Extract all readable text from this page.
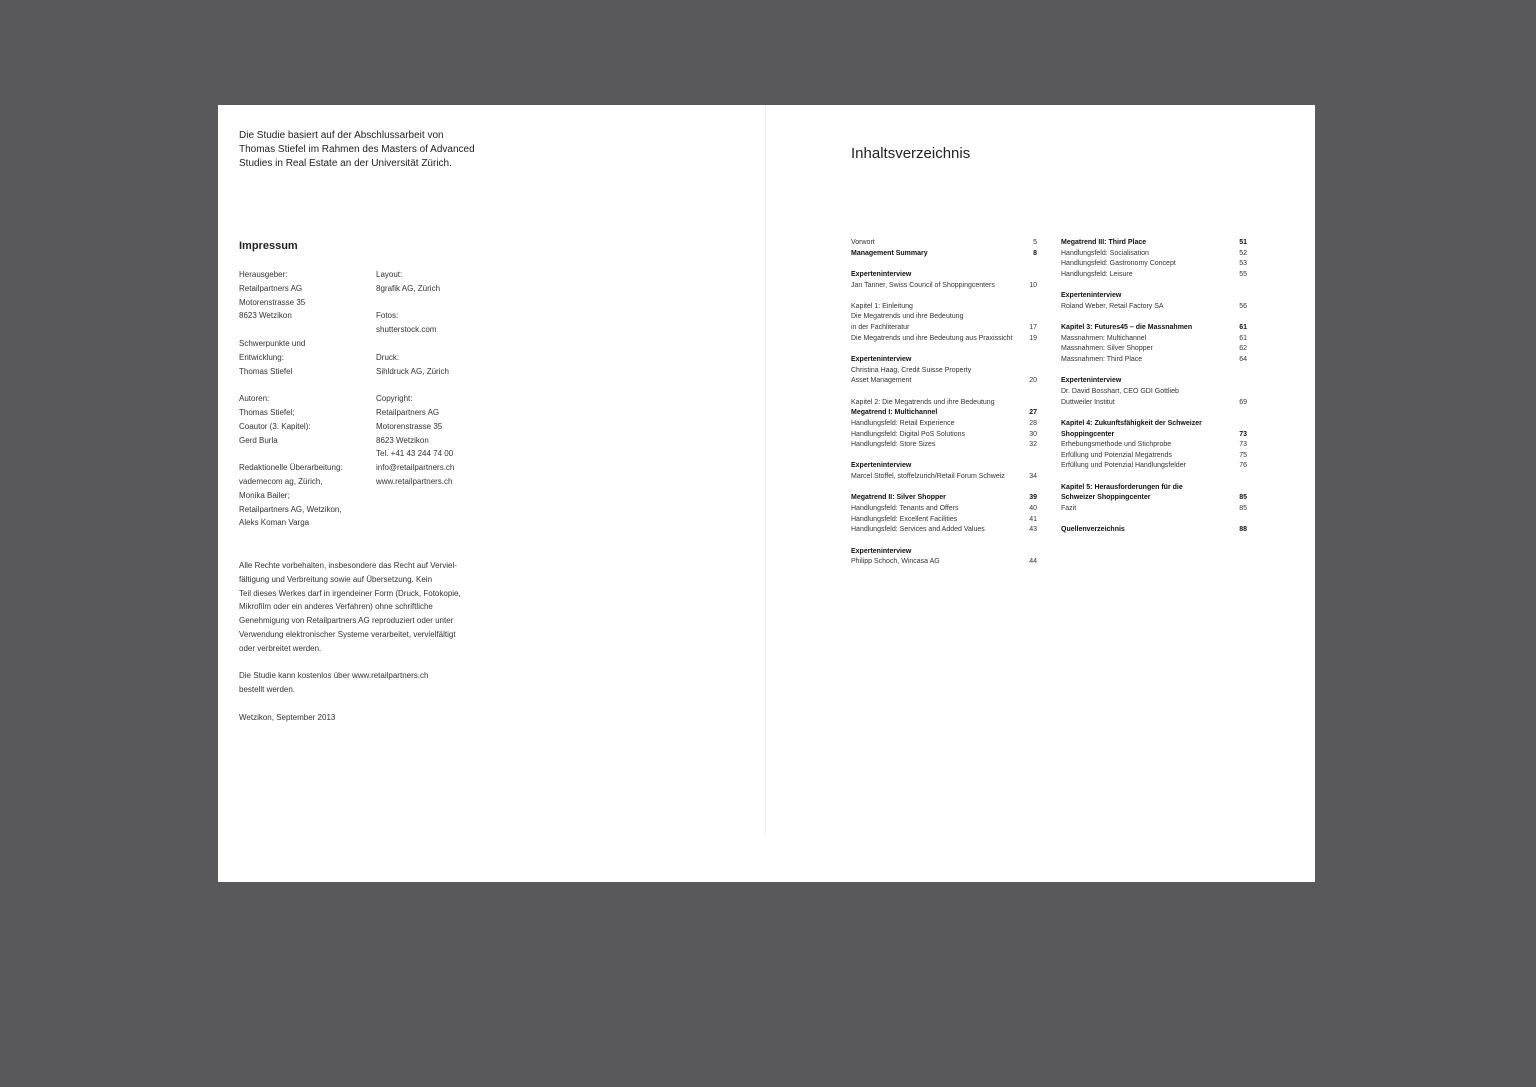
Die Studie basiert auf der Abschlussarbeit von
Thomas Stiefel im Rahmen des Masters of Advanced
Studies in Real Estate an der Universität Zürich.
Impressum
Herausgeber:
Retailpartners AG
Motorenstrasse 35
8623 Wetzikon
Schwerpunkte und
Entwicklung:
Thomas Stiefel
Autoren:
Thomas Stiefel;
Coautor (3. Kapitel):
Gerd Burla
Redaktionelle Überarbeitung:
vademecom ag, Zürich,
Monika Bailer;
Retailpartners AG, Wetzikon,
Aleks Koman Varga
Layout:
8grafik AG, Zürich
Fotos:
shutterstock.com
Druck:
Sihldruck AG, Zürich
Copyright:
Retailpartners AG
Motorenstrasse 35
8623 Wetzikon
Tel. +41 43 244 74 00
info@retailpartners.ch
www.retailpartners.ch
Alle Rechte vorbehalten, insbesondere das Recht auf Verviel-
fältigung und Verbreitung sowie auf Übersetzung. Kein
Teil dieses Werkes darf in irgendeiner Form (Druck, Fotokopie,
Mikrofilm oder ein anderes Verfahren) ohne schriftliche
Genehmigung von Retailpartners AG reproduziert oder unter
Verwendung elektronischer Systeme verarbeitet, vervielfältigt
oder verbreitet werden.
Die Studie kann kostenlos über www.retailpartners.ch
bestellt werden.
Wetzikon, September 2013
Inhaltsverzeichnis
Vorwort	5
Management Summary	8
Experteninterview
Jan Tanner, Swiss Council of Shoppingcenters	10
Kapitel 1: Einleitung
Die Megatrends und ihre Bedeutung
in der Fachliteratur	17
Die Megatrends und ihre Bedeutung aus Praxissicht 19
Experteninterview
Christina Haag, Credit Suisse Property
Asset Management	20
Kapitel 2: Die Megatrends und ihre Bedeutung
Megatrend I: Multichannel	27
Handlungsfeld: Retail Experience	28
Handlungsfeld: Digital PoS Solutions	30
Handlungsfeld: Store Sizes	32
Experteninterview
Marcel Stoffel, stoffelzurich/Retail Forum Schweiz	34
Megatrend II: Silver Shopper	39
Handlungsfeld: Tenants and Offers	40
Handlungsfeld: Excellent Facilities	41
Handlungsfeld: Services and Added Values	43
Experteninterview
Philipp Schoch, Wincasa AG	44
Megatrend III: Third Place	51
Handlungsfeld: Socialisation	52
Handlungsfeld: Gastronomy Concept	53
Handlungsfeld: Leisure	55
Experteninterview
Roland Weber, Retail Factory SA	56
Kapitel 3: Futures45 – die Massnahmen	61
Massnahmen: Multichannel	61
Massnahmen: Silver Shopper	62
Massnahmen: Third Place	64
Experteninterview
Dr. David Bosshart, CEO GDI Gottlieb
Duttweiler Institut	69
Kapitel 4: Zukunftsfähigkeit der Schweizer
Shoppingcenter	73
Erhebungsmethode und Stichprobe	73
Erfüllung und Potenzial Megatrends	75
Erfüllung und Potenzial Handlungsfelder	76
Kapitel 5: Herausforderungen für die
Schweizer Shoppingcenter	85
Fazit	85
Quellenverzeichnis	88
